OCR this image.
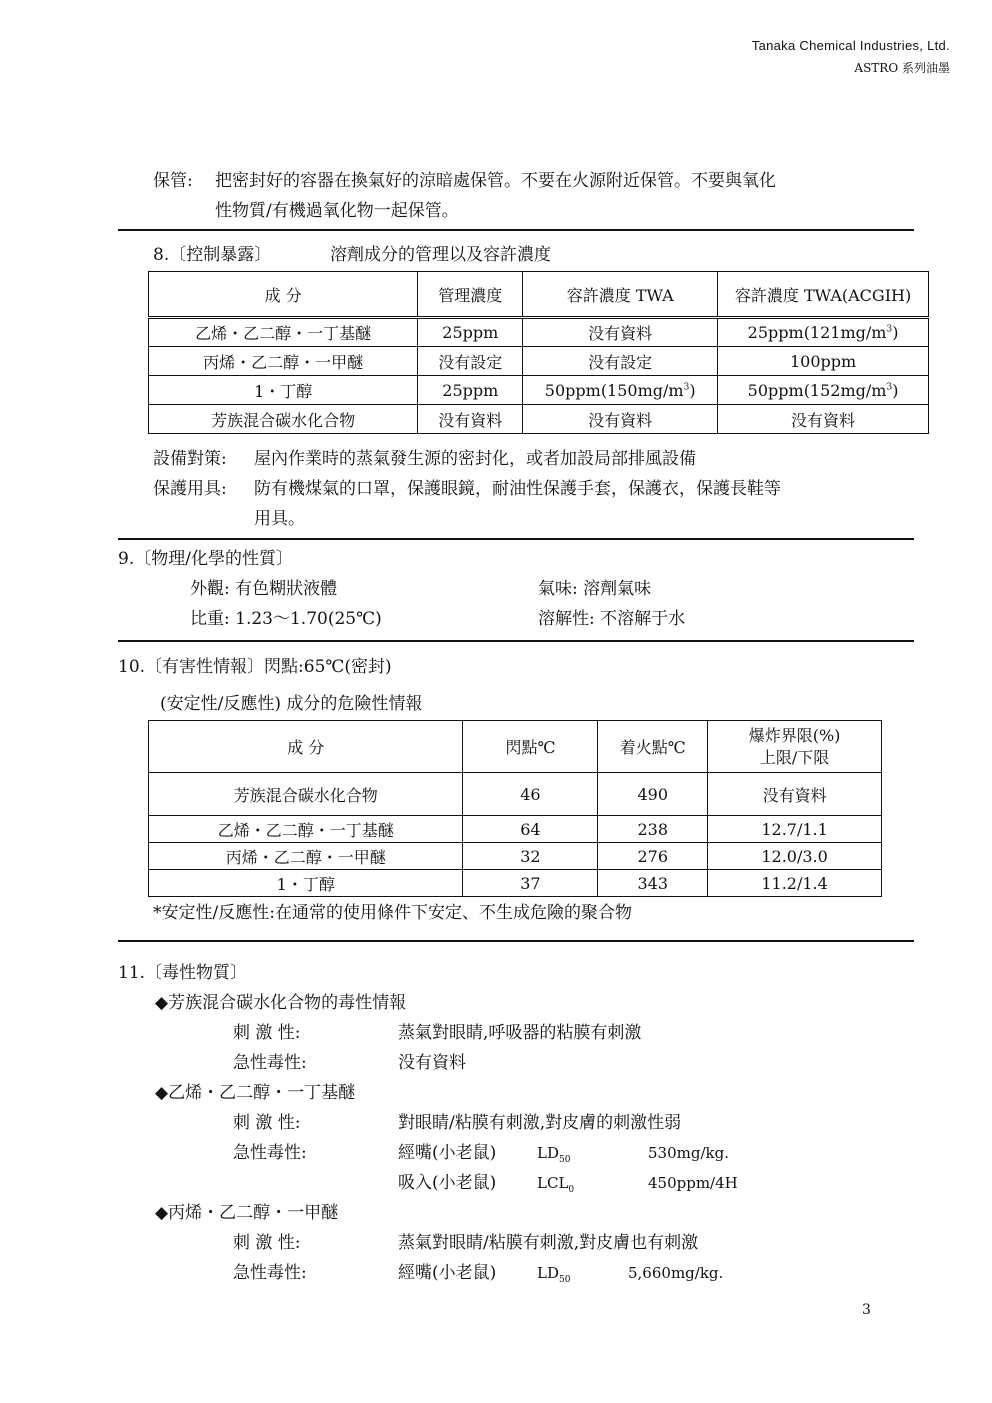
Tanaka Chemical Industries, Ltd.
ASTRO 系列油墨
保管: 把密封好的容器在換氣好的涼暗處保管。不要在火源附近保管。不要與氧化
性物質/有機過氧化物一起保管。
8.〔控制暴露〕	溶劑成分的管理以及容許濃度
成 分	管理濃度	容許濃度 TWA	容許濃度 TWA(ACGIH)
乙烯・乙二醇・一丁基醚	25ppm	没有資料	$25ppm(121mg/m^3)$
丙烯・乙二醇・一甲醚	没有設定	没有設定	100ppm
1・丁醇	25ppm	$50ppm(150mg/m^3)$	$50ppm(152mg/m^3)$
芳族混合碳水化合物	没有資料	没有資料	没有資料
設備對策: 屋內作業時的蒸氣發生源的密封化，或者加設局部排風設備
保護用具: 防有機煤氣的口罩，保護眼鏡，耐油性保護手套，保護衣，保護長鞋等
用具。
9.〔物理/化學的性質〕
外觀: 有色糊狀液體	氣味: 溶劑氣味
比重: 1.23～1.70(25℃)	溶解性: 不溶解于水
10.〔有害性情報〕閃點:65℃(密封)
(安定性/反應性) 成分的危險性情報
成 分	閃點℃	着火點℃	爆炸界限(%)
上限/下限
芳族混合碳水化合物	46	490	没有資料
乙烯・乙二醇・一丁基醚	64	238	12.7/1.1
丙烯・乙二醇・一甲醚	32	276	12.0/3.0
1・丁醇	37	343	11.2/1.4
*安定性/反應性:在通常的使用條件下安定、不生成危險的聚合物
11.〔毒性物質〕
◆芳族混合碳水化合物的毒性情報
刺 激 性:	蒸氣對眼睛,呼吸器的粘膜有刺激
急性毒性:	没有資料
◆乙烯・乙二醇・一丁基醚
刺 激 性:	對眼睛/粘膜有刺激,對皮膚的刺激性弱
急性毒性:	經嘴(小老鼠)	$LD_{50}$	530mg/kg.
吸入(小老鼠)	$LCL_0$	450ppm/4H
◆丙烯・乙二醇・一甲醚
刺 激 性:	蒸氣對眼睛/粘膜有刺激,對皮膚也有刺激
急性毒性:	經嘴(小老鼠)	$LD_{50}$	5,660mg/kg.
3
